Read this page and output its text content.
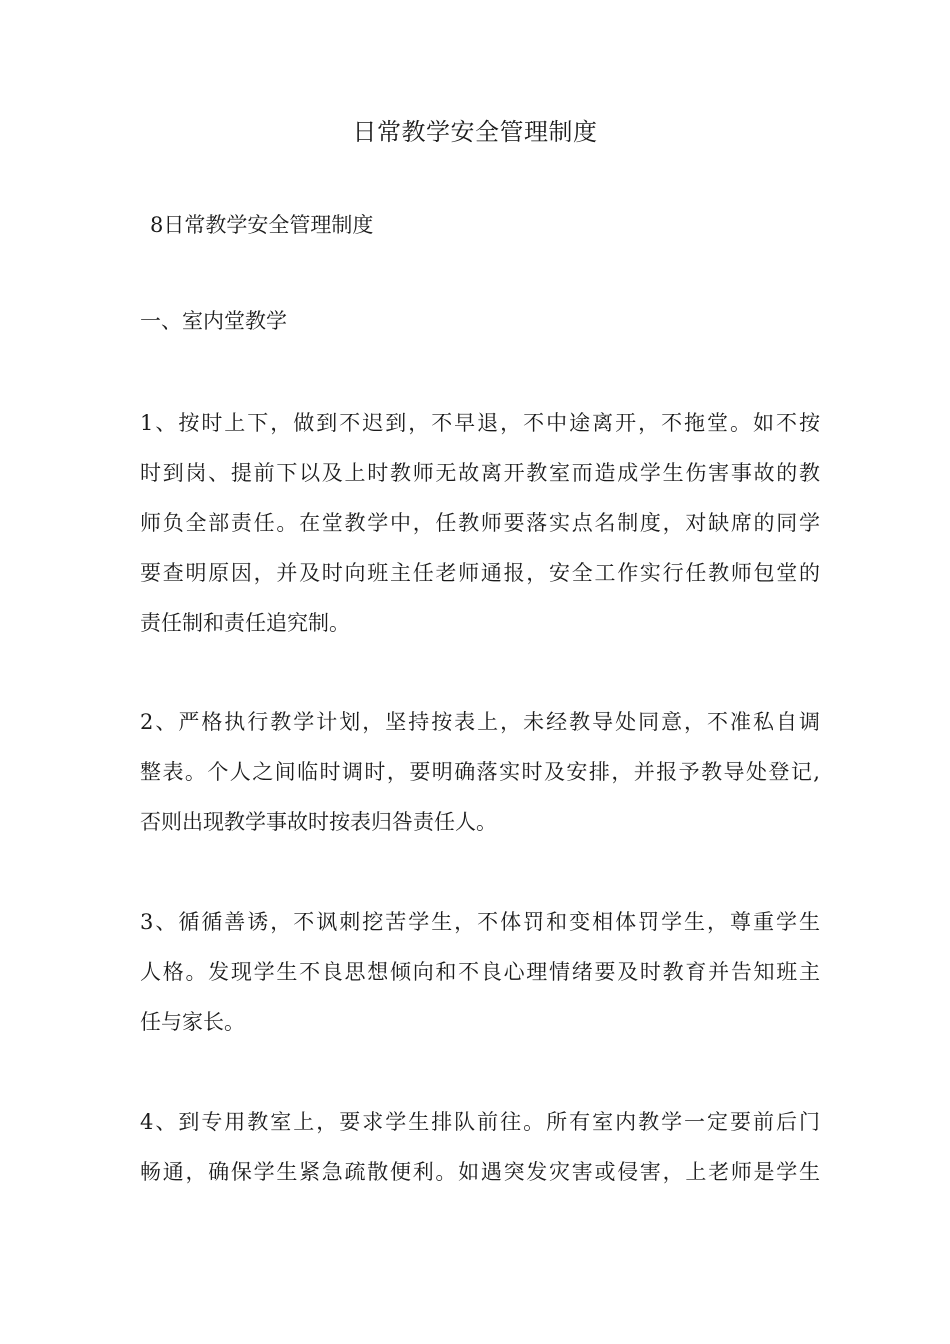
日常教学安全管理制度
8日常教学安全管理制度
一、室内堂教学
1、按时上下，做到不迟到，不早退，不中途离开，不拖堂。如不按
时到岗、提前下以及上时教师无故离开教室而造成学生伤害事故的教
师负全部责任。在堂教学中，任教师要落实点名制度，对缺席的同学
要查明原因，并及时向班主任老师通报，安全工作实行任教师包堂的
责任制和责任追究制。
2、严格执行教学计划，坚持按表上，未经教导处同意，不准私自调
整表。个人之间临时调时，要明确落实时及安排，并报予教导处登记,
否则出现教学事故时按表归咎责任人。
3、循循善诱，不讽刺挖苦学生，不体罚和变相体罚学生，尊重学生
人格。发现学生不良思想倾向和不良心理情绪要及时教育并告知班主
任与家长。
4、到专用教室上，要求学生排队前往。所有室内教学一定要前后门
畅通，确保学生紧急疏散便利。如遇突发灾害或侵害，上老师是学生
